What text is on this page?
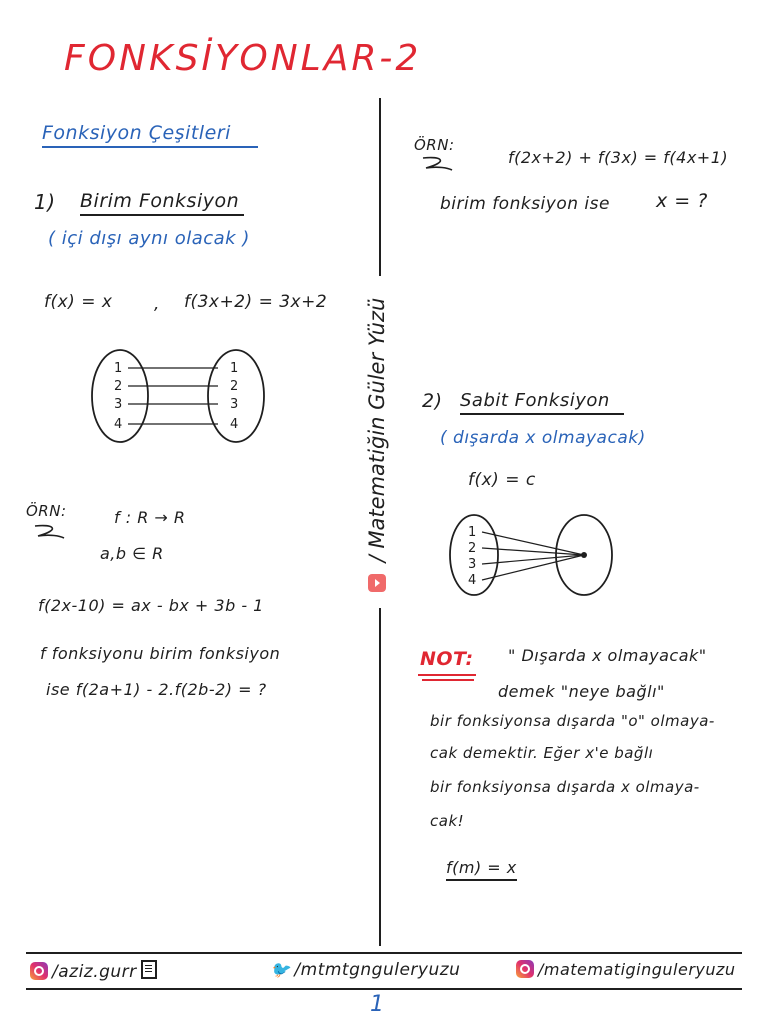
FONKSİYONLAR-2
/ Matematiğin Güler Yüzü
Fonksiyon Çeşitleri
1) Birim Fonksiyon
( içi dışı aynı olacak )
f(x) = x , f(3x+2) = 3x+2
1
2
3
4
1
2
3
4
ÖRN:	f : R → R
a,b ∈ R
f(2x-10) = ax - bx + 3b - 1
f fonksiyonu birim fonksiyon
ise f(2a+1) - 2.f(2b-2) = ?
ÖRN:
f(2x+2) + f(3x) = f(4x+1)
birim fonksiyon ise x = ?
2) Sabit Fonksiyon
( dışarda x olmayacak)
f(x) = c
1
2
3
4
NOT: " Dışarda x olmayacak"
demek "neye bağlı"
bir fonksiyonsa dışarda "o" olmaya-
cak demektir. Eğer x'e bağlı
bir fonksiyonsa dışarda x olmaya-
cak!
f(m) = x
/aziz.gurr	🐦 /mtmtgnguleryuzu	/matematiginguleryuzu
1
